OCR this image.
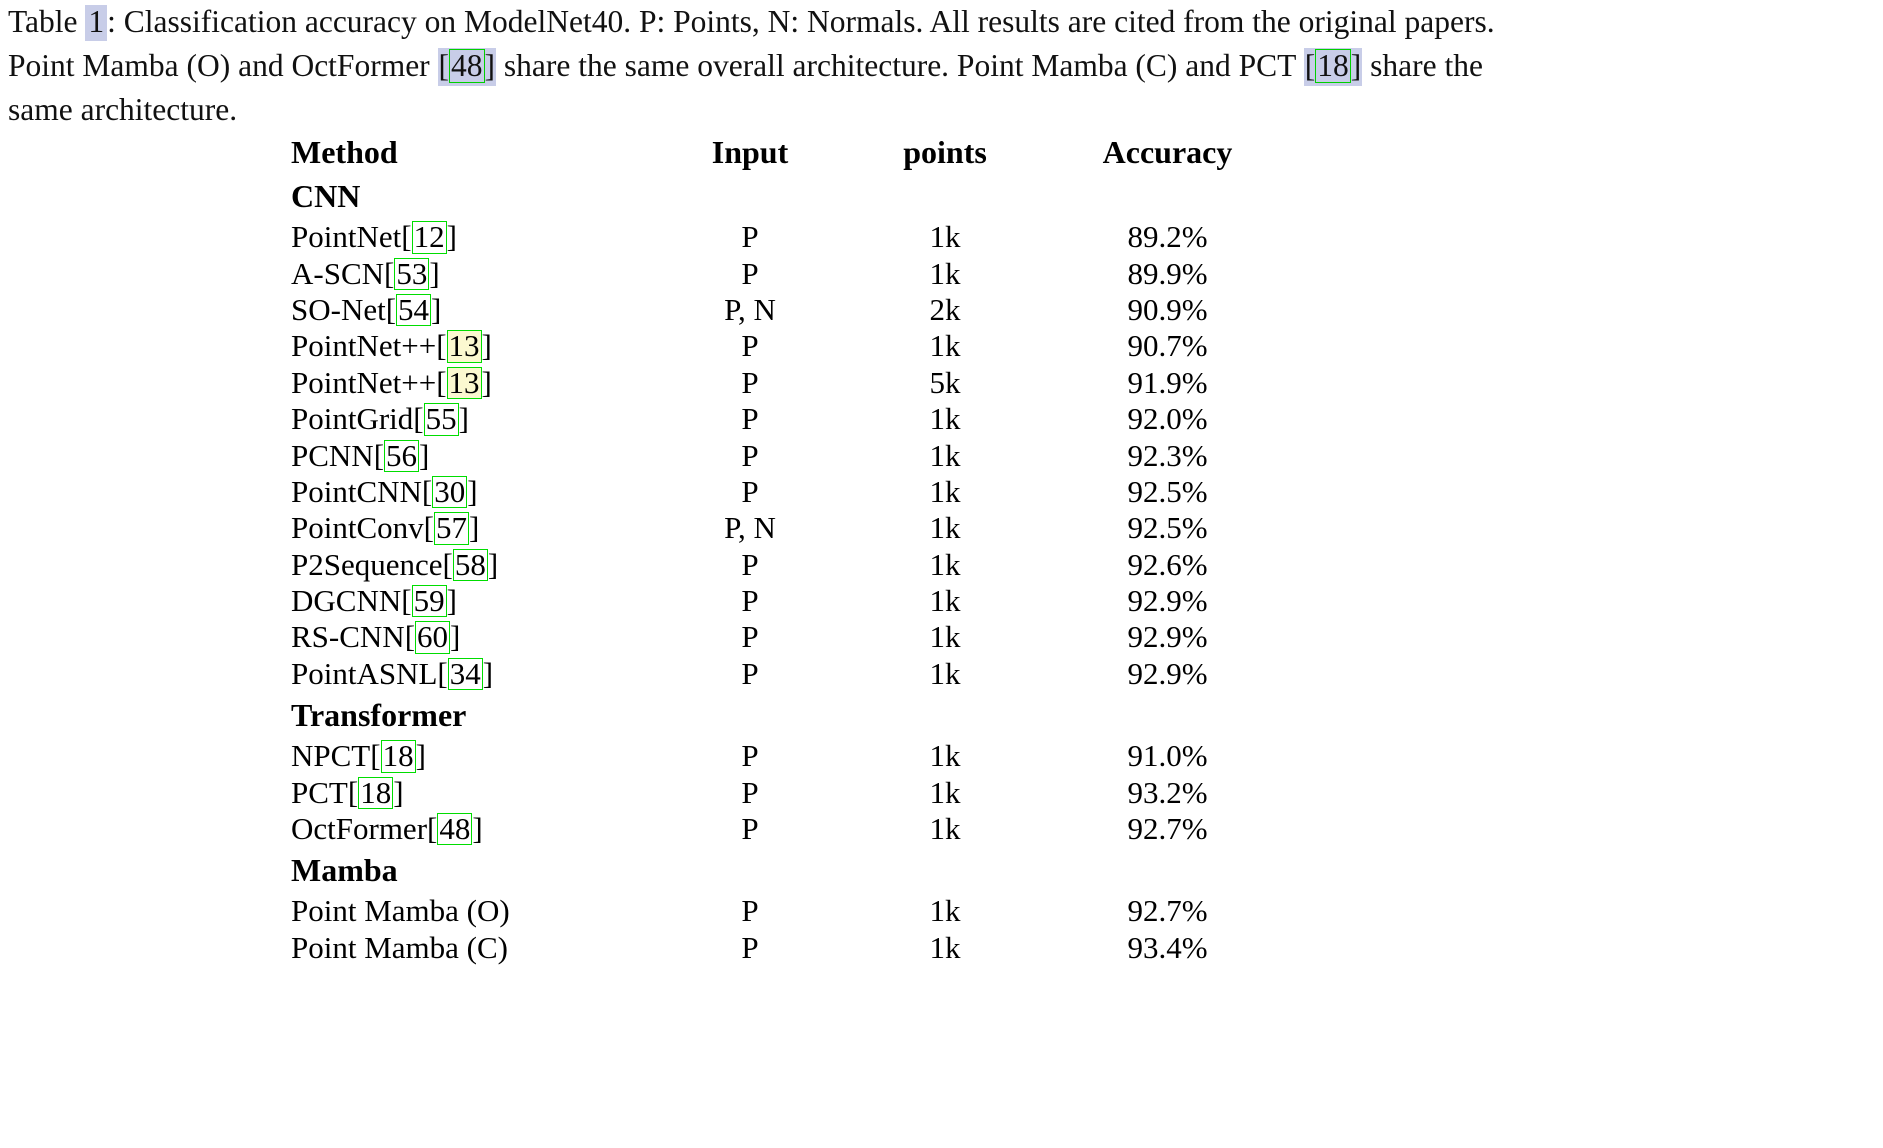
Table 1: Classification accuracy on ModelNet40. P: Points, N: Normals. All results are cited from the original papers.
Point Mamba (O) and OctFormer [48] share the same overall architecture. Point Mamba (C) and PCT [18] share the
same architecture.
Method	Input	points	Accuracy
CNN			
PointNet[12]	P	1k	89.2%
A-SCN[53]	P	1k	89.9%
SO-Net[54]	P, N	2k	90.9%
PointNet++[13]	P	1k	90.7%
PointNet++[13]	P	5k	91.9%
PointGrid[55]	P	1k	92.0%
PCNN[56]	P	1k	92.3%
PointCNN[30]	P	1k	92.5%
PointConv[57]	P, N	1k	92.5%
P2Sequence[58]	P	1k	92.6%
DGCNN[59]	P	1k	92.9%
RS-CNN[60]	P	1k	92.9%
PointASNL[34]	P	1k	92.9%
Transformer			
NPCT[18]	P	1k	91.0%
PCT[18]	P	1k	93.2%
OctFormer[48]	P	1k	92.7%
Mamba			
Point Mamba (O)	P	1k	92.7%
Point Mamba (C)	P	1k	93.4%
